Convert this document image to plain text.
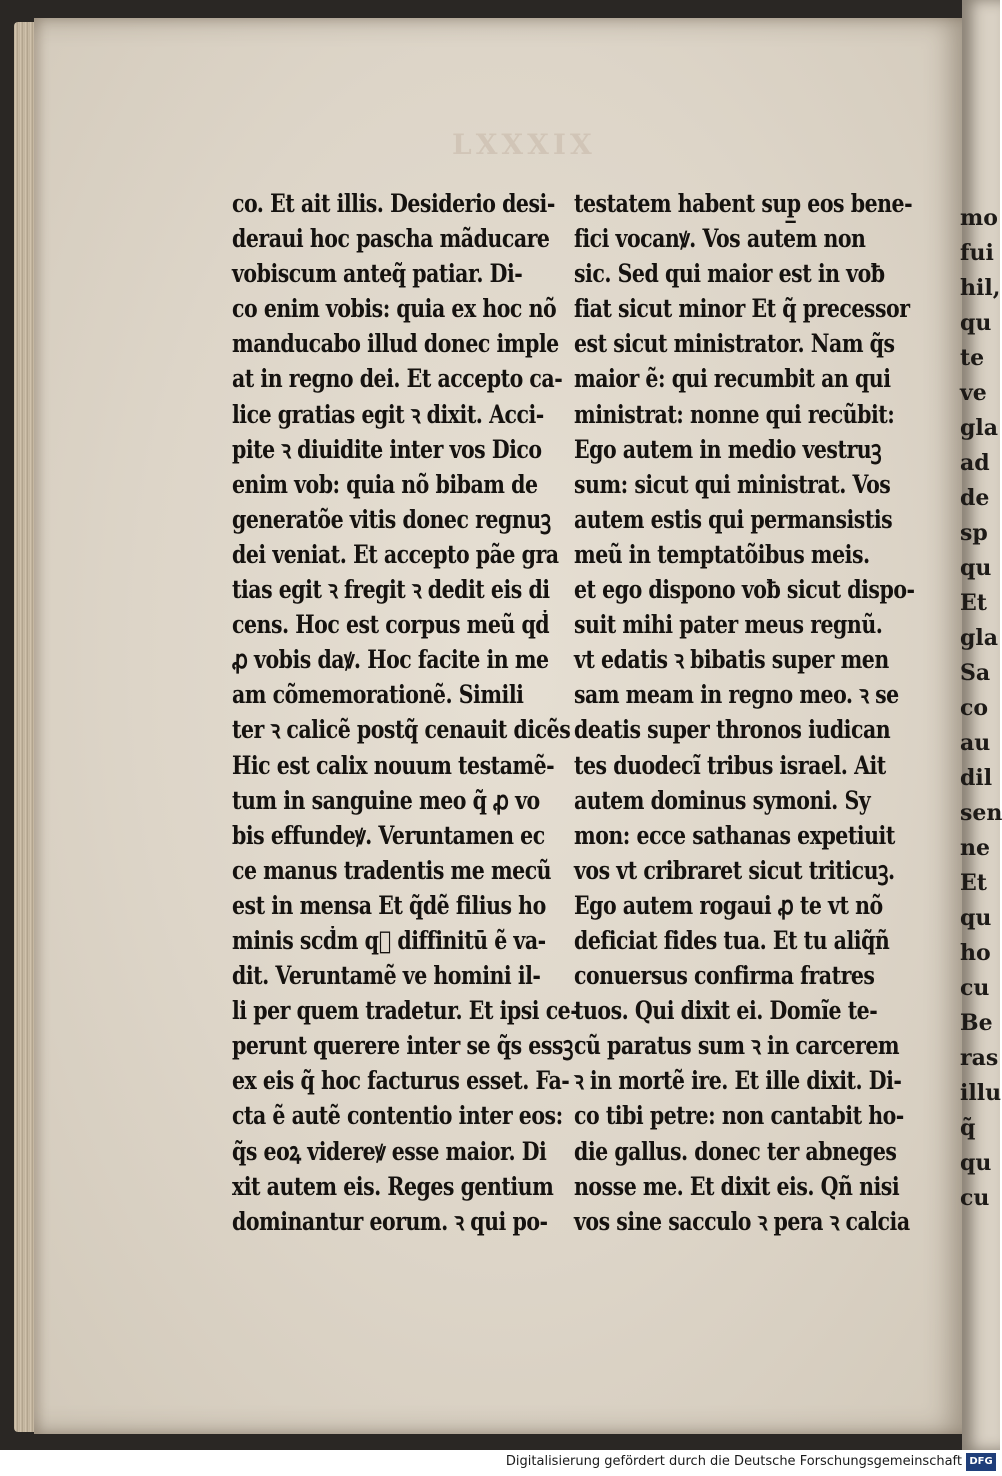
LXXXIX
co. Et ait illis. Desiderio desi-
deraui hoc pascha mãducare
vobiscum anteq̃ patiar. Di-
co enim vobis: quia ex hoc nõ
manducabo illud donec imple
at in regno dei. Et accepto ca-
lice gratias egit ꝛ dixit. Acci-
pite ꝛ diuidite inter vos Dico
enim vob: quia nõ bibam de
generatõe vitis donec regnuꝫ
dei veniat. Et accepto pãe gra
tias egit ꝛ fregit ꝛ dedit eis di
cens. Hoc est corpus meũ qḋ
ꝓ vobis daꝟ. Hoc facite in me
am cõmemorationẽ. Simili
ter ꝛ calicẽ postq̃ cenauit dicẽs
Hic est calix nouum testamẽ-
tum in sanguine meo q̃ ꝓ vo
bis effundeꝟ. Veruntamen ec
ce manus tradentis me mecũ
est in mensa Et q̃dẽ filius ho
minis scḋm q᷑ diffinitū ẽ va-
dit. Veruntamẽ ve homini il-
li per quem tradetur. Et ipsi ce-
perunt querere inter se q̃s essꝫ
ex eis q̃ hoc facturus esset. Fa-
cta ẽ autẽ contentio inter eos:
q̃s eoꝝ videreꝟ esse maior. Di
xit autem eis. Reges gentium
dominantur eorum. ꝛ qui po-
testatem habent sup̲ eos bene-
fici vocanꝟ. Vos autem non
sic. Sed qui maior est in voƀ
fiat sicut minor Et q̃ precessor
est sicut ministrator. Nam q̃s
maior ẽ: qui recumbit an qui
ministrat: nonne qui recũbit:
Ego autem in medio vestruꝫ
sum: sicut qui ministrat. Vos
autem estis qui permansistis
meũ in temptatõibus meis.
et ego dispono voƀ sicut dispo-
suit mihi pater meus regnũ.
vt edatis ꝛ bibatis super men
sam meam in regno meo. ꝛ se
deatis super thronos iudican
tes duodecĩ tribus israel. Ait
autem dominus symoni. Sy
mon: ecce sathanas expetiuit
vos vt cribraret sicut triticuꝫ.
Ego autem rogaui ꝓ te vt nõ
deficiat fides tua. Et tu aliq̃ñ
conuersus confirma fratres
tuos. Qui dixit ei. Domĩe te-
cũ paratus sum ꝛ in carcerem
ꝛ in mortẽ ire. Et ille dixit. Di-
co tibi petre: non cantabit ho-
die gallus. donec ter abneges
nosse me. Et dixit eis. Qñ nisi
vos sine sacculo ꝛ pera ꝛ calcia
mo
fui
hil,
qu
te
ve
gla
ad
de
sp
qu
Et
gla
Sa
co
au
dil
sen
ne
Et
qu
ho
cu
Be
ras
illu
q̃
qu
cu
Digitalisierung gefördert durch die Deutsche Forschungsgemeinschaft DFG
